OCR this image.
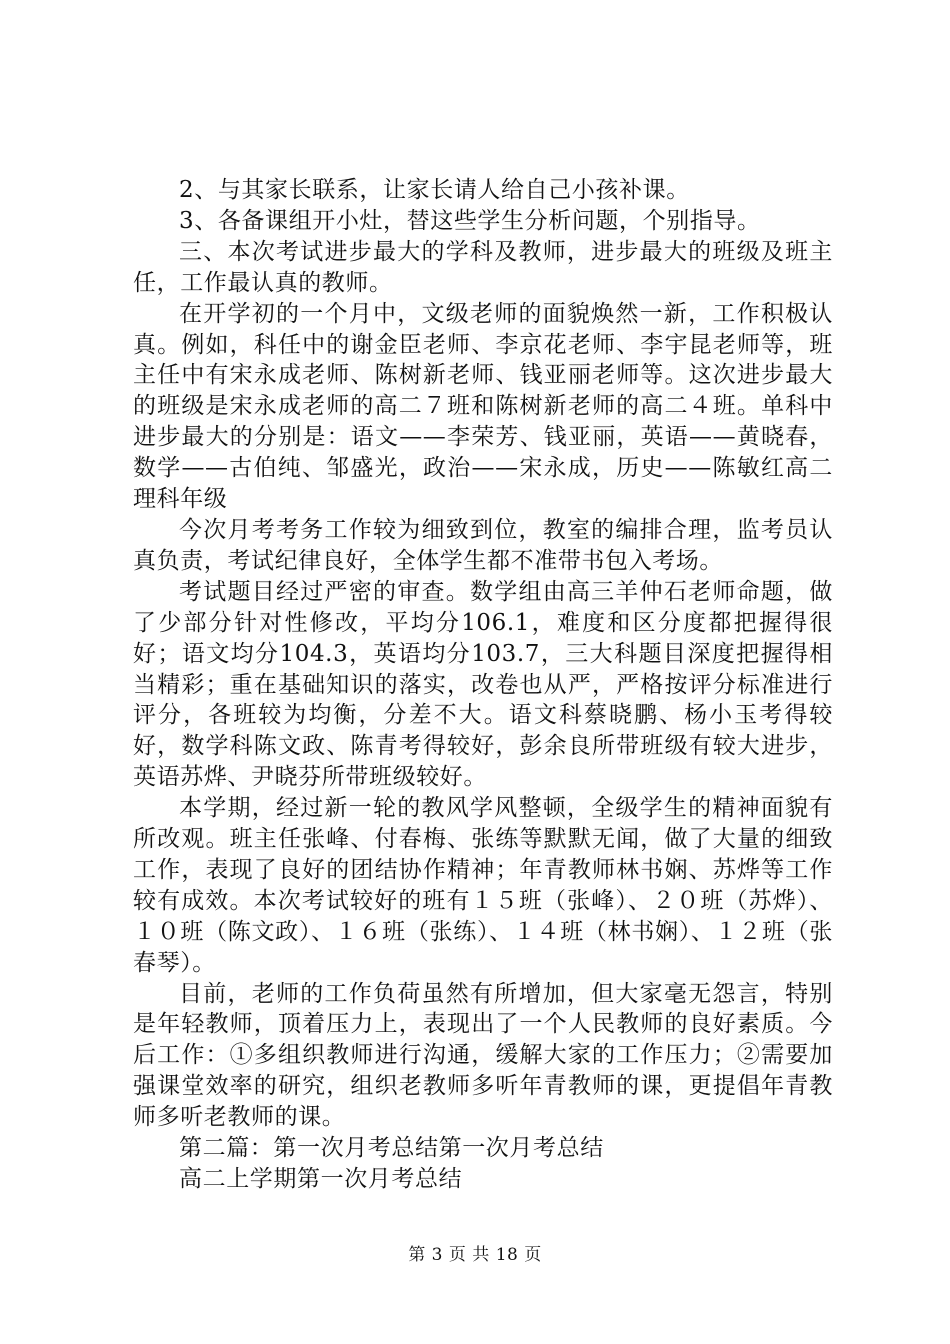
2、与其家长联系，让家长请人给自己小孩补课。

3、各备课组开小灶，替这些学生分析问题，个别指导。

三、本次考试进步最大的学科及教师，进步最大的班级及班主任，工作最认真的教师。

在开学初的一个月中，文级老师的面貌焕然一新，工作积极认真。例如，科任中的谢金臣老师、李京花老师、李宇昆老师等，班主任中有宋永成老师、陈树新老师、钱亚丽老师等。这次进步最大的班级是宋永成老师的高二７班和陈树新老师的高二４班。单科中进步最大的分别是：语文——李荣芳、钱亚丽，英语——黄晓春，数学——古伯纯、邹盛光，政治——宋永成，历史——陈敏红高二理科年级

今次月考考务工作较为细致到位，教室的编排合理，监考员认真负责，考试纪律良好，全体学生都不准带书包入考场。

考试题目经过严密的审查。数学组由高三羊仲石老师命题，做了少部分针对性修改，平均分106.1，难度和区分度都把握得很好；语文均分104.3，英语均分103.7，三大科题目深度把握得相当精彩；重在基础知识的落实，改卷也从严，严格按评分标准进行评分，各班较为均衡，分差不大。语文科蔡晓鹏、杨小玉考得较好，数学科陈文政、陈青考得较好，彭余良所带班级有较大进步，英语苏烨、尹晓芬所带班级较好。

本学期，经过新一轮的教风学风整顿，全级学生的精神面貌有所改观。班主任张峰、付春梅、张练等默默无闻，做了大量的细致工作，表现了良好的团结协作精神；年青教师林书娴、苏烨等工作较有成效。本次考试较好的班有１５班（张峰）、２０班（苏烨）、１０班（陈文政）、１６班（张练）、１４班（林书娴）、１２班（张春琴）。

目前，老师的工作负荷虽然有所增加，但大家毫无怨言，特别是年轻教师，顶着压力上，表现出了一个人民教师的良好素质。今后工作：①多组织教师进行沟通，缓解大家的工作压力；②需要加强课堂效率的研究，组织老教师多听年青教师的课，更提倡年青教师多听老教师的课。

第二篇：第一次月考总结第一次月考总结

高二上学期第一次月考总结

第 3 页 共 18 页
